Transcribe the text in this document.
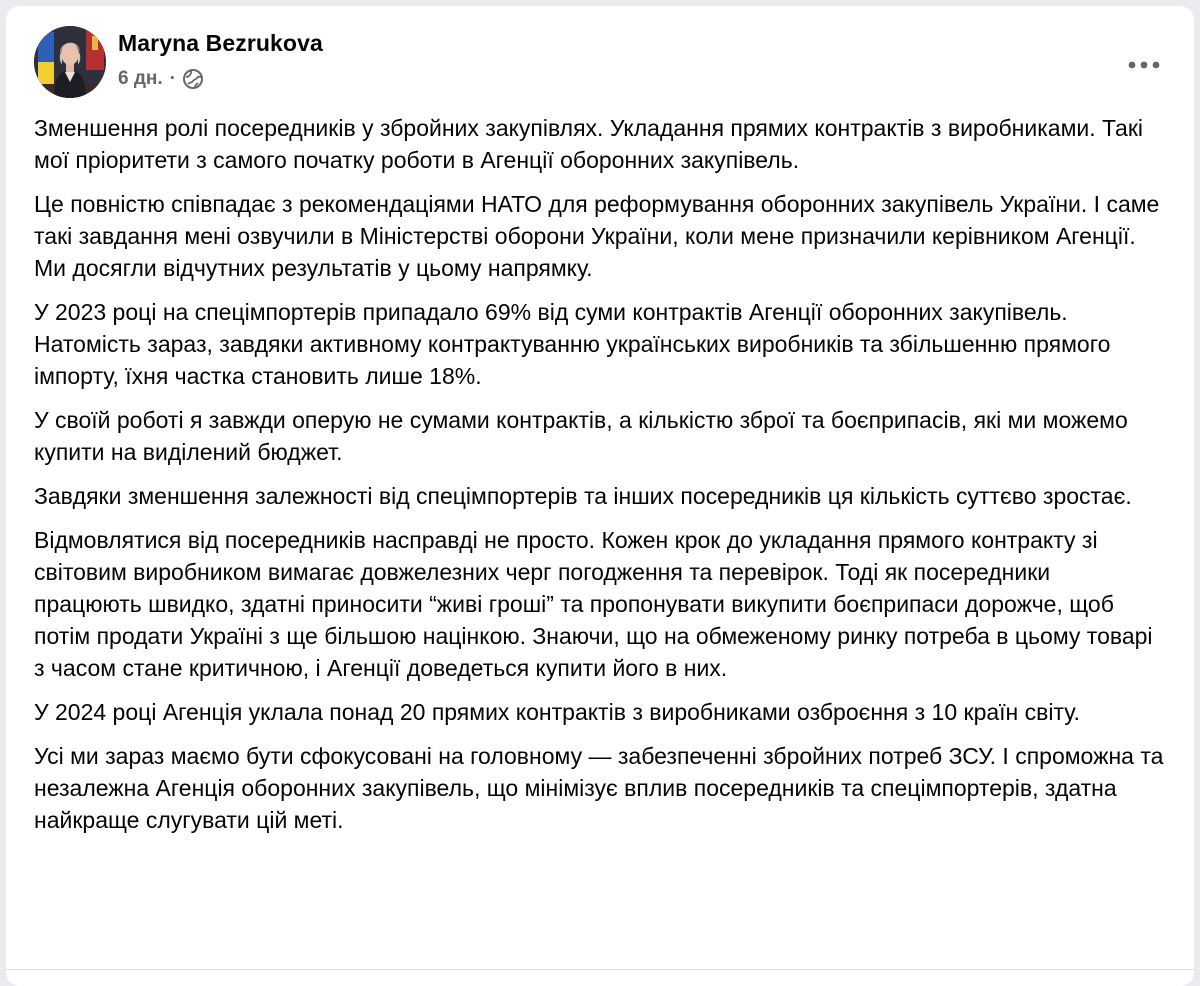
Maryna Bezrukova
6 дн. ·

Зменшення ролі посередників у збройних закупівлях. Укладання прямих контрактів з виробниками. Такі мої пріоритети з самого початку роботи в Агенції оборонних закупівель.

Це повністю співпадає з рекомендаціями НАТО для реформування оборонних закупівель України. І саме такі завдання мені озвучили в Міністерстві оборони України, коли мене призначили керівником Агенції.
Ми досягли відчутних результатів у цьому напрямку.

У 2023 році на спецімпортерів припадало 69% від суми контрактів Агенції оборонних закупівель. Натомість зараз, завдяки активному контрактуванню українських виробників та збільшенню прямого імпорту, їхня частка становить лише 18%.

У своїй роботі я завжди оперую не сумами контрактів, а кількістю зброї та боєприпасів, які ми можемо купити на виділений бюджет.

Завдяки зменшення залежності від спецімпортерів та інших посередників ця кількість суттєво зростає.

Відмовлятися від посередників насправді не просто. Кожен крок до укладання прямого контракту зі світовим виробником вимагає довжелезних черг погодження та перевірок. Тоді як посередники працюють швидко, здатні приносити “живі гроші” та пропонувати викупити боєприпаси дорожче, щоб потім продати Україні з ще більшою націнкою. Знаючи, що на обмеженому ринку потреба в цьому товарі з часом стане критичною, і Агенції доведеться купити його в них.

У 2024 році Агенція уклала понад 20 прямих контрактів з виробниками озброєння з 10 країн світу.

Усі ми зараз маємо бути сфокусовані на головному — забезпеченні збройних потреб ЗСУ. І спроможна та незалежна Агенція оборонних закупівель, що мінімізує вплив посередників та спецімпортерів, здатна найкраще слугувати цій меті.
